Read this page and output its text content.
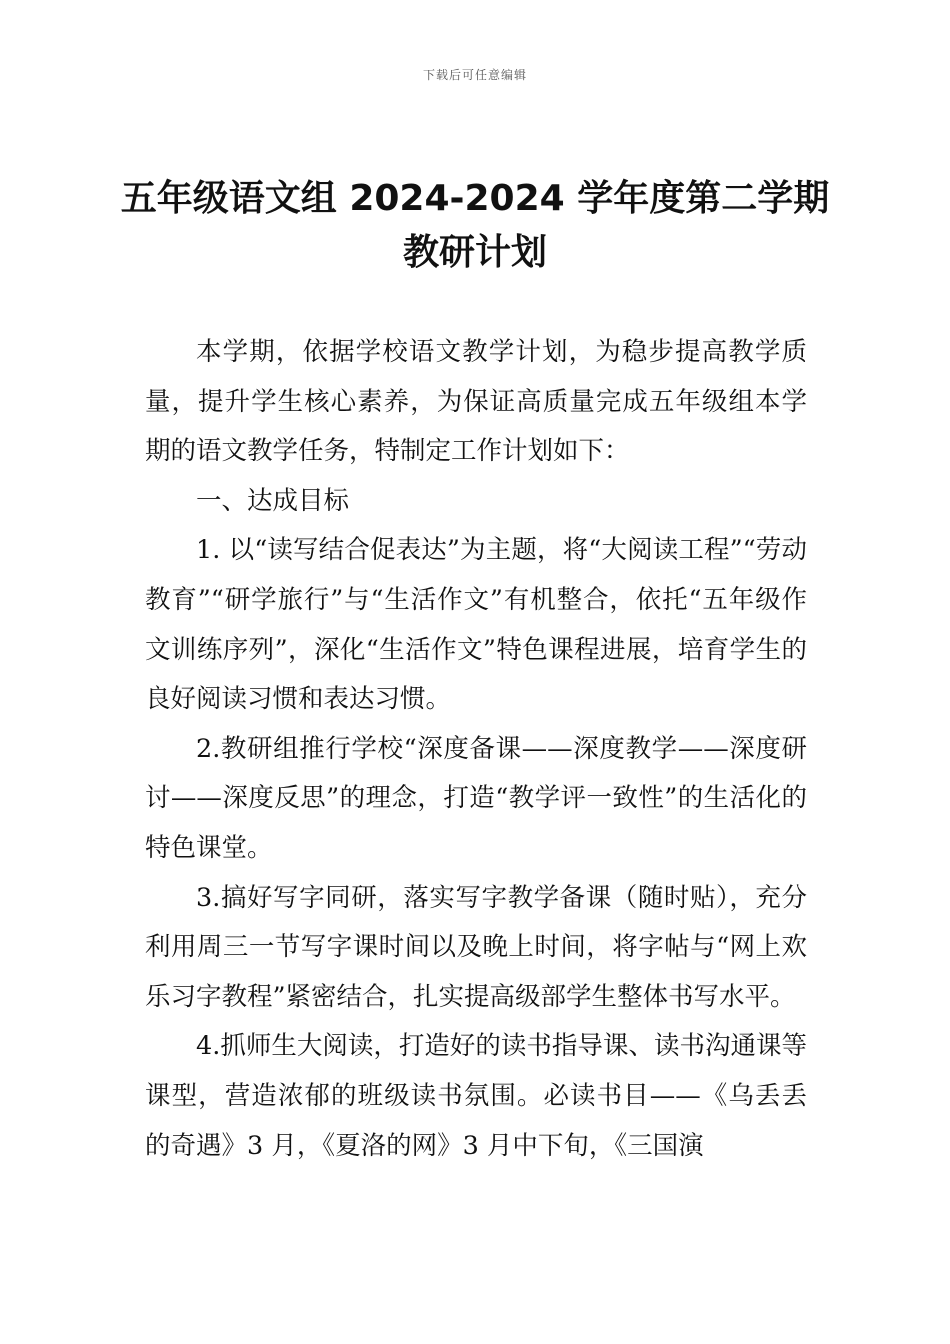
下载后可任意编辑
五年级语文组 2024-2024 学年度第二学期
教研计划

本学期，依据学校语文教学计划，为稳步提高教学质量，提升学生核心素养，为保证高质量完成五年级组本学期的语文教学任务，特制定工作计划如下：

一、达成目标

1. 以“读写结合促表达”为主题，将“大阅读工程”“劳动教育”“研学旅行”与“生活作文”有机整合，依托“五年级作文训练序列”，深化“生活作文”特色课程进展，培育学生的良好阅读习惯和表达习惯。

2.教研组推行学校“深度备课——深度教学——深度研讨——深度反思”的理念，打造“教学评一致性”的生活化的特色课堂。

3.搞好写字同研，落实写字教学备课（随时贴），充分利用周三一节写字课时间以及晚上时间，将字帖与“网上欢乐习字教程”紧密结合，扎实提高级部学生整体书写水平。

4.抓师生大阅读，打造好的读书指导课、读书沟通课等课型，营造浓郁的班级读书氛围。必读书目——《乌丢丢的奇遇》3 月，《夏洛的网》3 月中下旬，《三国演
